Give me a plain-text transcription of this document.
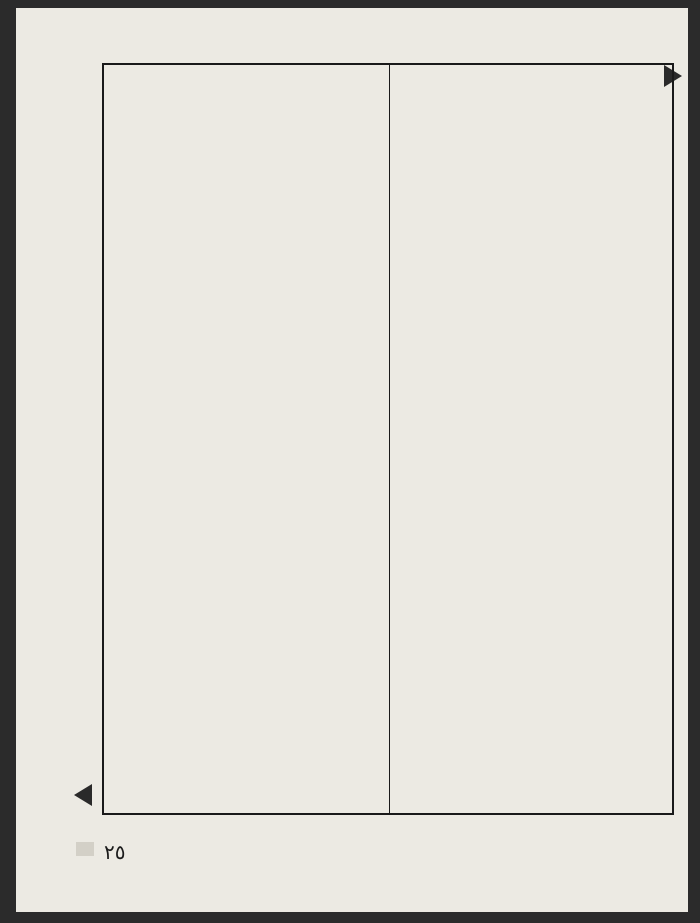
٢٥
